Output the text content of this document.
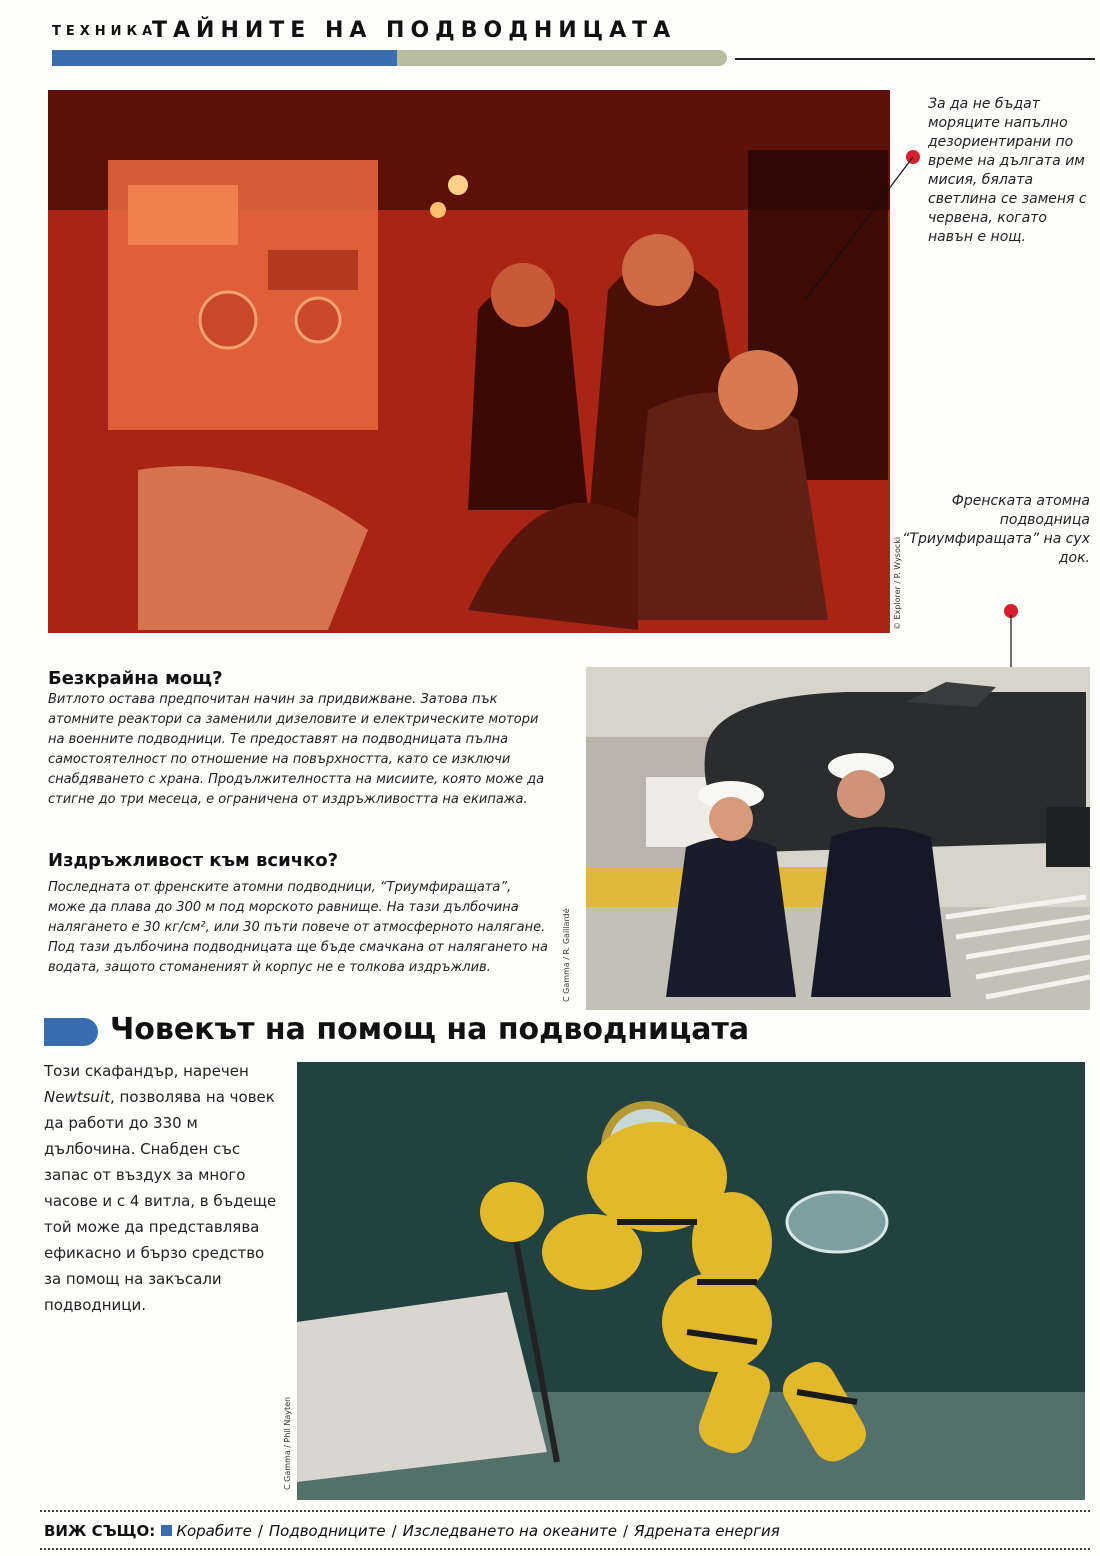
ТЕХНИКА
ТАЙНИТЕ НА ПОДВОДНИЦАТА
© Explorer / P. Wysocki
За да не бъдат моряците напълно дезориентирани по време на дългата им мисия, бялата светлина се заменя с червена, когато навън е нощ.
Френската атомна подводница “Триумфиращата” на сух док.
Безкрайна мощ?
Витлото остава предпочитан начин за придвижване. Затова пък атомните реактори са заменили дизеловите и електрическите мотори на военните подводници. Те предоставят на подводницата пълна самостоятелност по отношение на повърхността, като се изключи снабдяването с храна. Продължителността на мисиите, която може да стигне до три месеца, е ограничена от издръжливостта на екипажа.
Издръжливост към всичко?
Последната от френските атомни подводници, “Триумфиращата”, може да плава до 300 м под морското равнище. На тази дълбочина налягането е 30 кг/см², или 30 пъти повече от атмосферното налягане. Под тази дълбочина подводницата ще бъде смачкана от налягането на водата, защото стоманеният ѝ корпус не е толкова издръжлив.	C Gamma / R. Gaillardé
Човекът на помощ на подводницата
Този скафандър, наречен Newtsuit, позволява на човек да работи до 330 м дълбочина. Снабден със запас от въздух за много часове и с 4 витла, в бъдеще той може да представлява ефикасно и бързо средство за помощ на закъсали подводници.
C Gamma / Phil Nayten
ВИЖ СЪЩО: Корабите / Подводниците / Изследването на океаните / Ядрената енергия
